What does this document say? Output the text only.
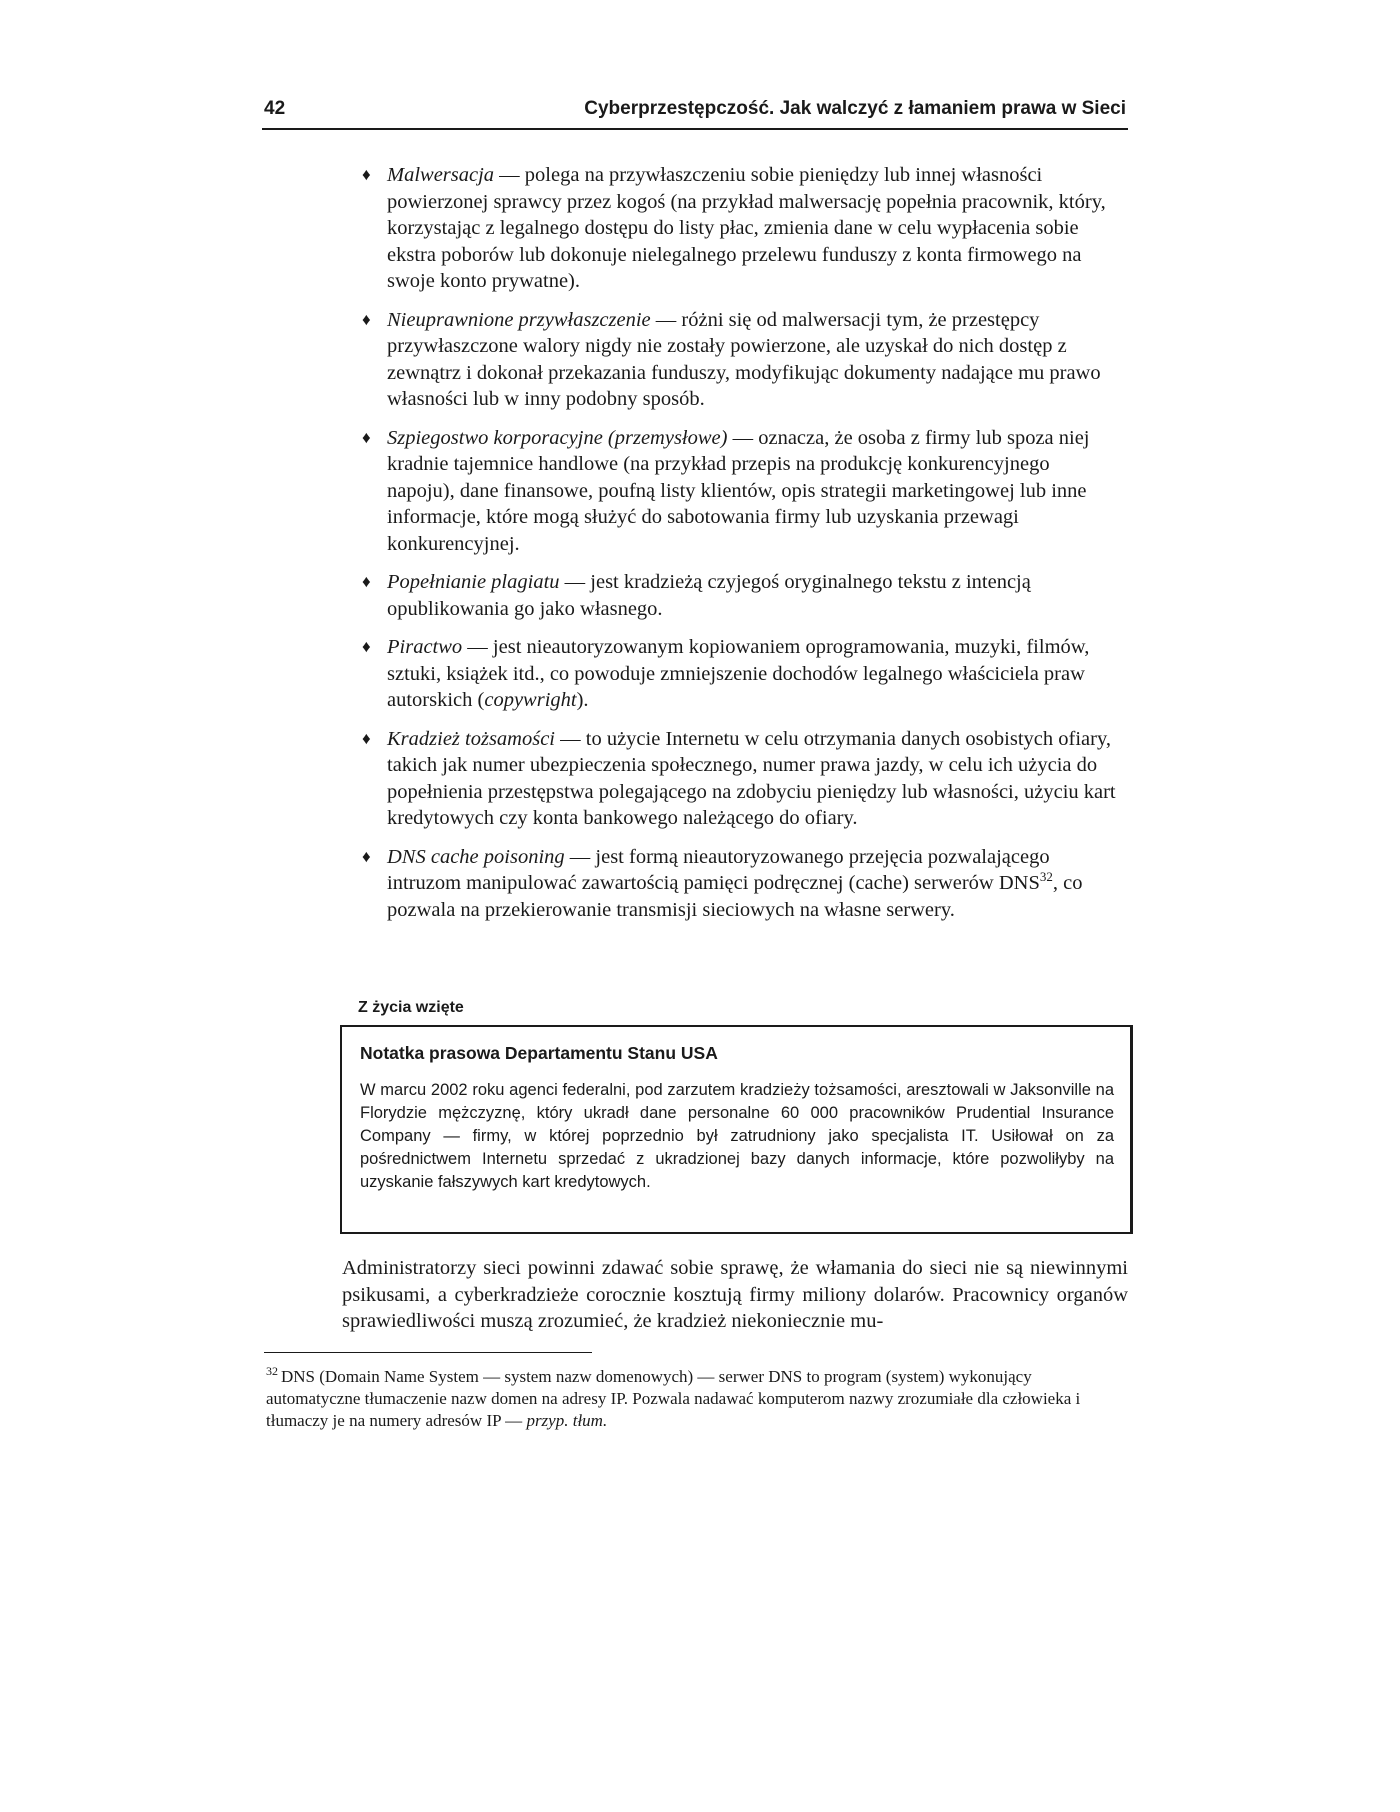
42	Cyberprzestępczość. Jak walczyć z łamaniem prawa w Sieci
♦ Malwersacja — polega na przywłaszczeniu sobie pieniędzy lub innej własności powierzonej sprawcy przez kogoś (na przykład malwersację popełnia pracownik, który, korzystając z legalnego dostępu do listy płac, zmienia dane w celu wypłacenia sobie ekstra poborów lub dokonuje nielegalnego przelewu funduszy z konta firmowego na swoje konto prywatne).
♦ Nieuprawnione przywłaszczenie — różni się od malwersacji tym, że przestępcy przywłaszczone walory nigdy nie zostały powierzone, ale uzyskał do nich dostęp z zewnątrz i dokonał przekazania funduszy, modyfikując dokumenty nadające mu prawo własności lub w inny podobny sposób.
♦ Szpiegostwo korporacyjne (przemysłowe) — oznacza, że osoba z firmy lub spoza niej kradnie tajemnice handlowe (na przykład przepis na produkcję konkurencyjnego napoju), dane finansowe, poufną listy klientów, opis strategii marketingowej lub inne informacje, które mogą służyć do sabotowania firmy lub uzyskania przewagi konkurencyjnej.
♦ Popełnianie plagiatu — jest kradzieżą czyjegoś oryginalnego tekstu z intencją opublikowania go jako własnego.
♦ Piractwo — jest nieautoryzowanym kopiowaniem oprogramowania, muzyki, filmów, sztuki, książek itd., co powoduje zmniejszenie dochodów legalnego właściciela praw autorskich (copywright).
♦ Kradzież tożsamości — to użycie Internetu w celu otrzymania danych osobistych ofiary, takich jak numer ubezpieczenia społecznego, numer prawa jazdy, w celu ich użycia do popełnienia przestępstwa polegającego na zdobyciu pieniędzy lub własności, użyciu kart kredytowych czy konta bankowego należącego do ofiary.
♦ DNS cache poisoning — jest formą nieautoryzowanego przejęcia pozwalającego intruzom manipulować zawartością pamięci podręcznej (cache) serwerów DNS$^{32}$, co pozwala na przekierowanie transmisji sieciowych na własne serwery.
Z życia wzięte
Notatka prasowa Departamentu Stanu USA
W marcu 2002 roku agenci federalni, pod zarzutem kradzieży tożsamości, aresztowali w Jaksonville na Florydzie mężczyznę, który ukradł dane personalne 60 000 pracowników Prudential Insurance Company — firmy, w której poprzednio był zatrudniony jako specjalista IT. Usiłował on za pośrednictwem Internetu sprzedać z ukradzionej bazy danych informacje, które pozwoliłyby na uzyskanie fałszywych kart kredytowych.

Administratorzy sieci powinni zdawać sobie sprawę, że włamania do sieci nie są niewinnymi psikusami, a cyberkradzieże corocznie kosztują firmy miliony dolarów. Pracownicy organów sprawiedliwości muszą zrozumieć, że kradzież niekoniecznie mu-

$^{32}$ DNS (Domain Name System — system nazw domenowych) — serwer DNS to program (system) wykonujący automatyczne tłumaczenie nazw domen na adresy IP. Pozwala nadawać komputerom nazwy zrozumiałe dla człowieka i tłumaczy je na numery adresów IP — przyp. tłum.
